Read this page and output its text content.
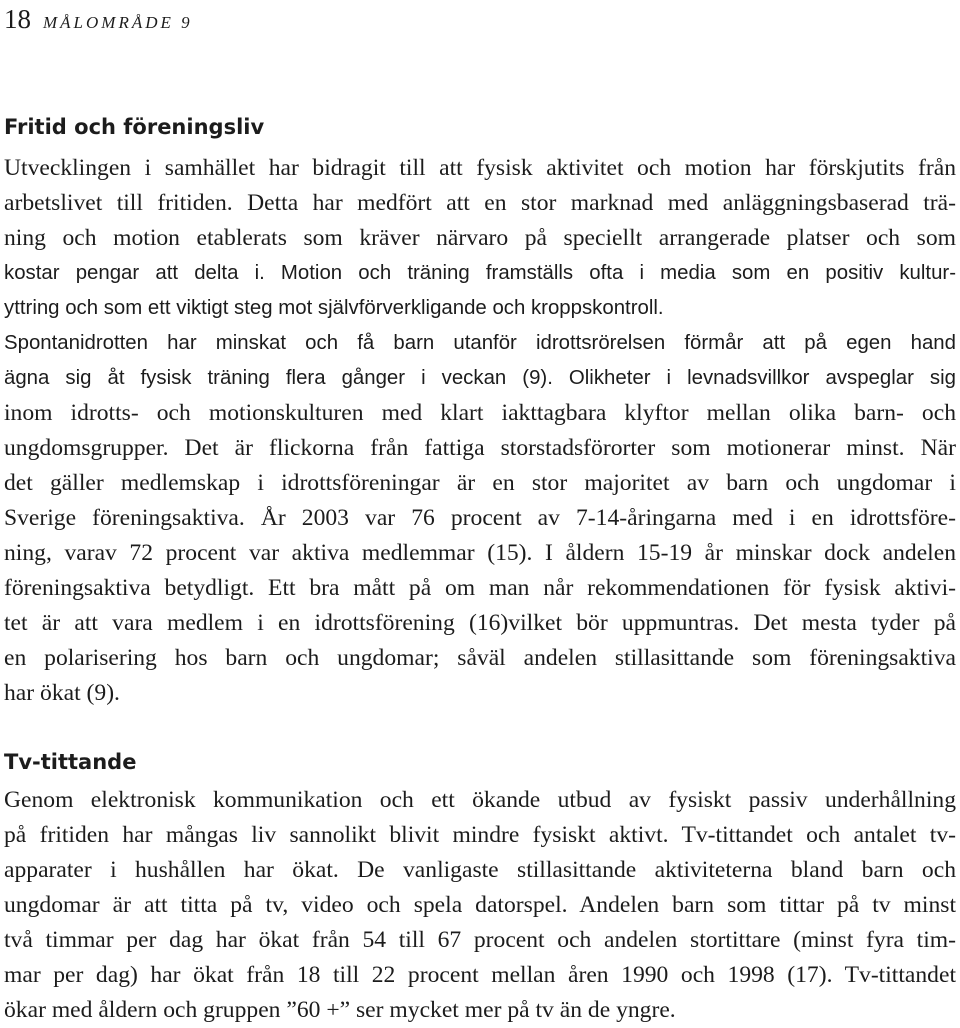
18 MÅLOMRÅDE 9
Fritid och föreningsliv
Utvecklingen i samhället har bidragit till att fysisk aktivitet och motion har förskjutits från
arbetslivet till fritiden. Detta har medfört att en stor marknad med anläggningsbaserad trä-
ning och motion etablerats som kräver närvaro på speciellt arrangerade platser och som
kostar pengar att delta i. Motion och träning framställs ofta i media som en positiv kultur-
yttring och som ett viktigt steg mot självförverkligande och kroppskontroll.
Spontanidrotten har minskat och få barn utanför idrottsrörelsen förmår att på egen hand
ägna sig åt fysisk träning flera gånger i veckan (9). Olikheter i levnadsvillkor avspeglar sig
inom idrotts- och motionskulturen med klart iakttagbara klyftor mellan olika barn- och
ungdomsgrupper. Det är flickorna från fattiga storstadsförorter som motionerar minst. När
det gäller medlemskap i idrottsföreningar är en stor majoritet av barn och ungdomar i
Sverige föreningsaktiva. År 2003 var 76 procent av 7-14-åringarna med i en idrottsföre-
ning, varav 72 procent var aktiva medlemmar (15). I åldern 15-19 år minskar dock andelen
föreningsaktiva betydligt. Ett bra mått på om man når rekommendationen för fysisk aktivi-
tet är att vara medlem i en idrottsförening (16)vilket bör uppmuntras. Det mesta tyder på
en polarisering hos barn och ungdomar; såväl andelen stillasittande som föreningsaktiva
har ökat (9).
Tv-tittande
Genom elektronisk kommunikation och ett ökande utbud av fysiskt passiv underhållning
på fritiden har mångas liv sannolikt blivit mindre fysiskt aktivt. Tv-tittandet och antalet tv-
apparater i hushållen har ökat. De vanligaste stillasittande aktiviteterna bland barn och
ungdomar är att titta på tv, video och spela datorspel. Andelen barn som tittar på tv minst
två timmar per dag har ökat från 54 till 67 procent och andelen stortittare (minst fyra tim-
mar per dag) har ökat från 18 till 22 procent mellan åren 1990 och 1998 (17). Tv-tittandet
ökar med åldern och gruppen ”60 +” ser mycket mer på tv än de yngre.
